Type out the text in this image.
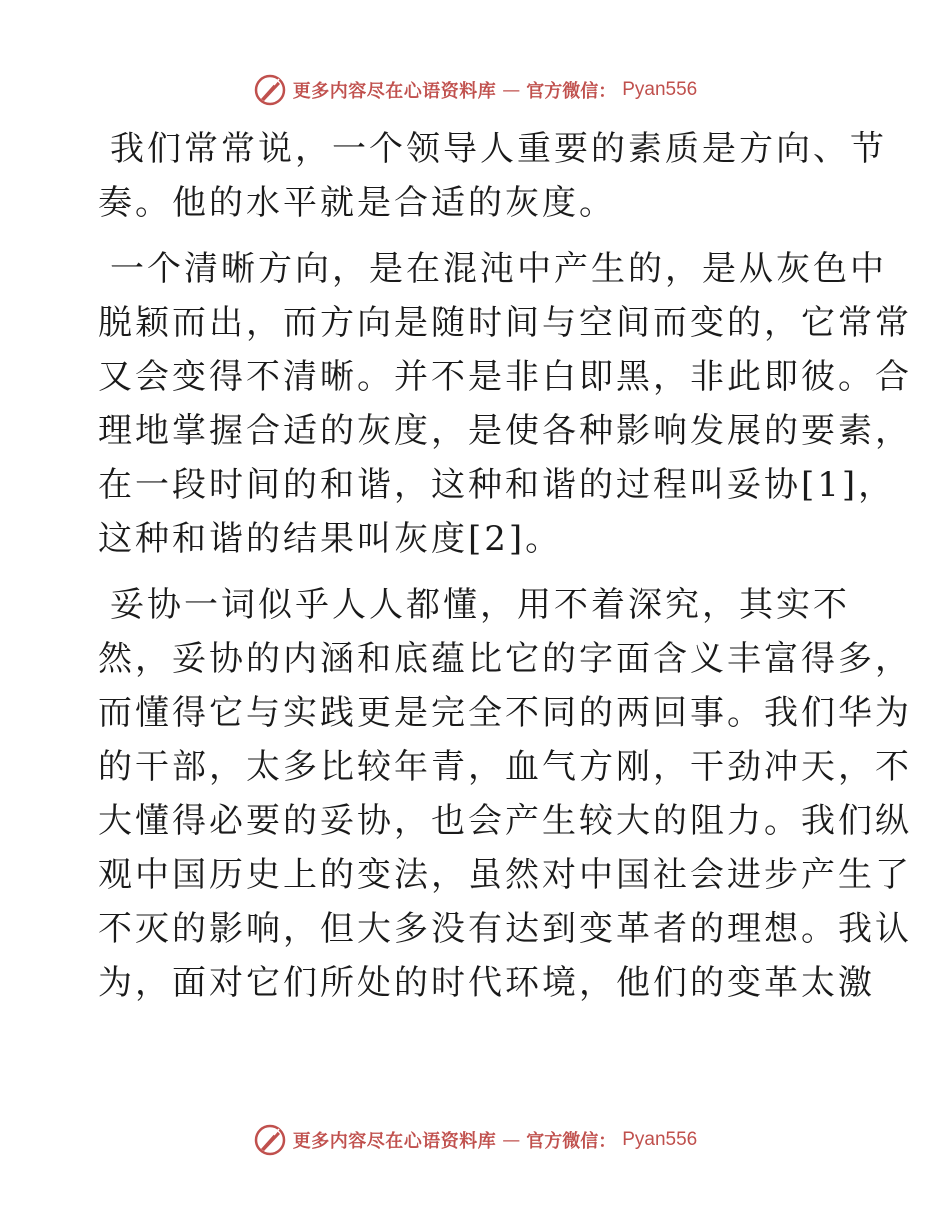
更多内容尽在心语资料库 — 官方微信： Pyan556

我们常常说，一个领导人重要的素质是方向、节
奏。他的水平就是合适的灰度。

一个清晰方向，是在混沌中产生的，是从灰色中
脱颖而出，而方向是随时间与空间而变的，它常常
又会变得不清晰。并不是非白即黑，非此即彼。合
理地掌握合适的灰度，是使各种影响发展的要素，
在一段时间的和谐，这种和谐的过程叫妥协[1]，
这种和谐的结果叫灰度[2]。

妥协一词似乎人人都懂，用不着深究，其实不
然，妥协的内涵和底蕴比它的字面含义丰富得多，
而懂得它与实践更是完全不同的两回事。我们华为
的干部，太多比较年青，血气方刚，干劲冲天，不
大懂得必要的妥协，也会产生较大的阻力。我们纵
观中国历史上的变法，虽然对中国社会进步产生了
不灭的影响，但大多没有达到变革者的理想。我认
为，面对它们所处的时代环境，他们的变革太激

更多内容尽在心语资料库 — 官方微信： Pyan556
